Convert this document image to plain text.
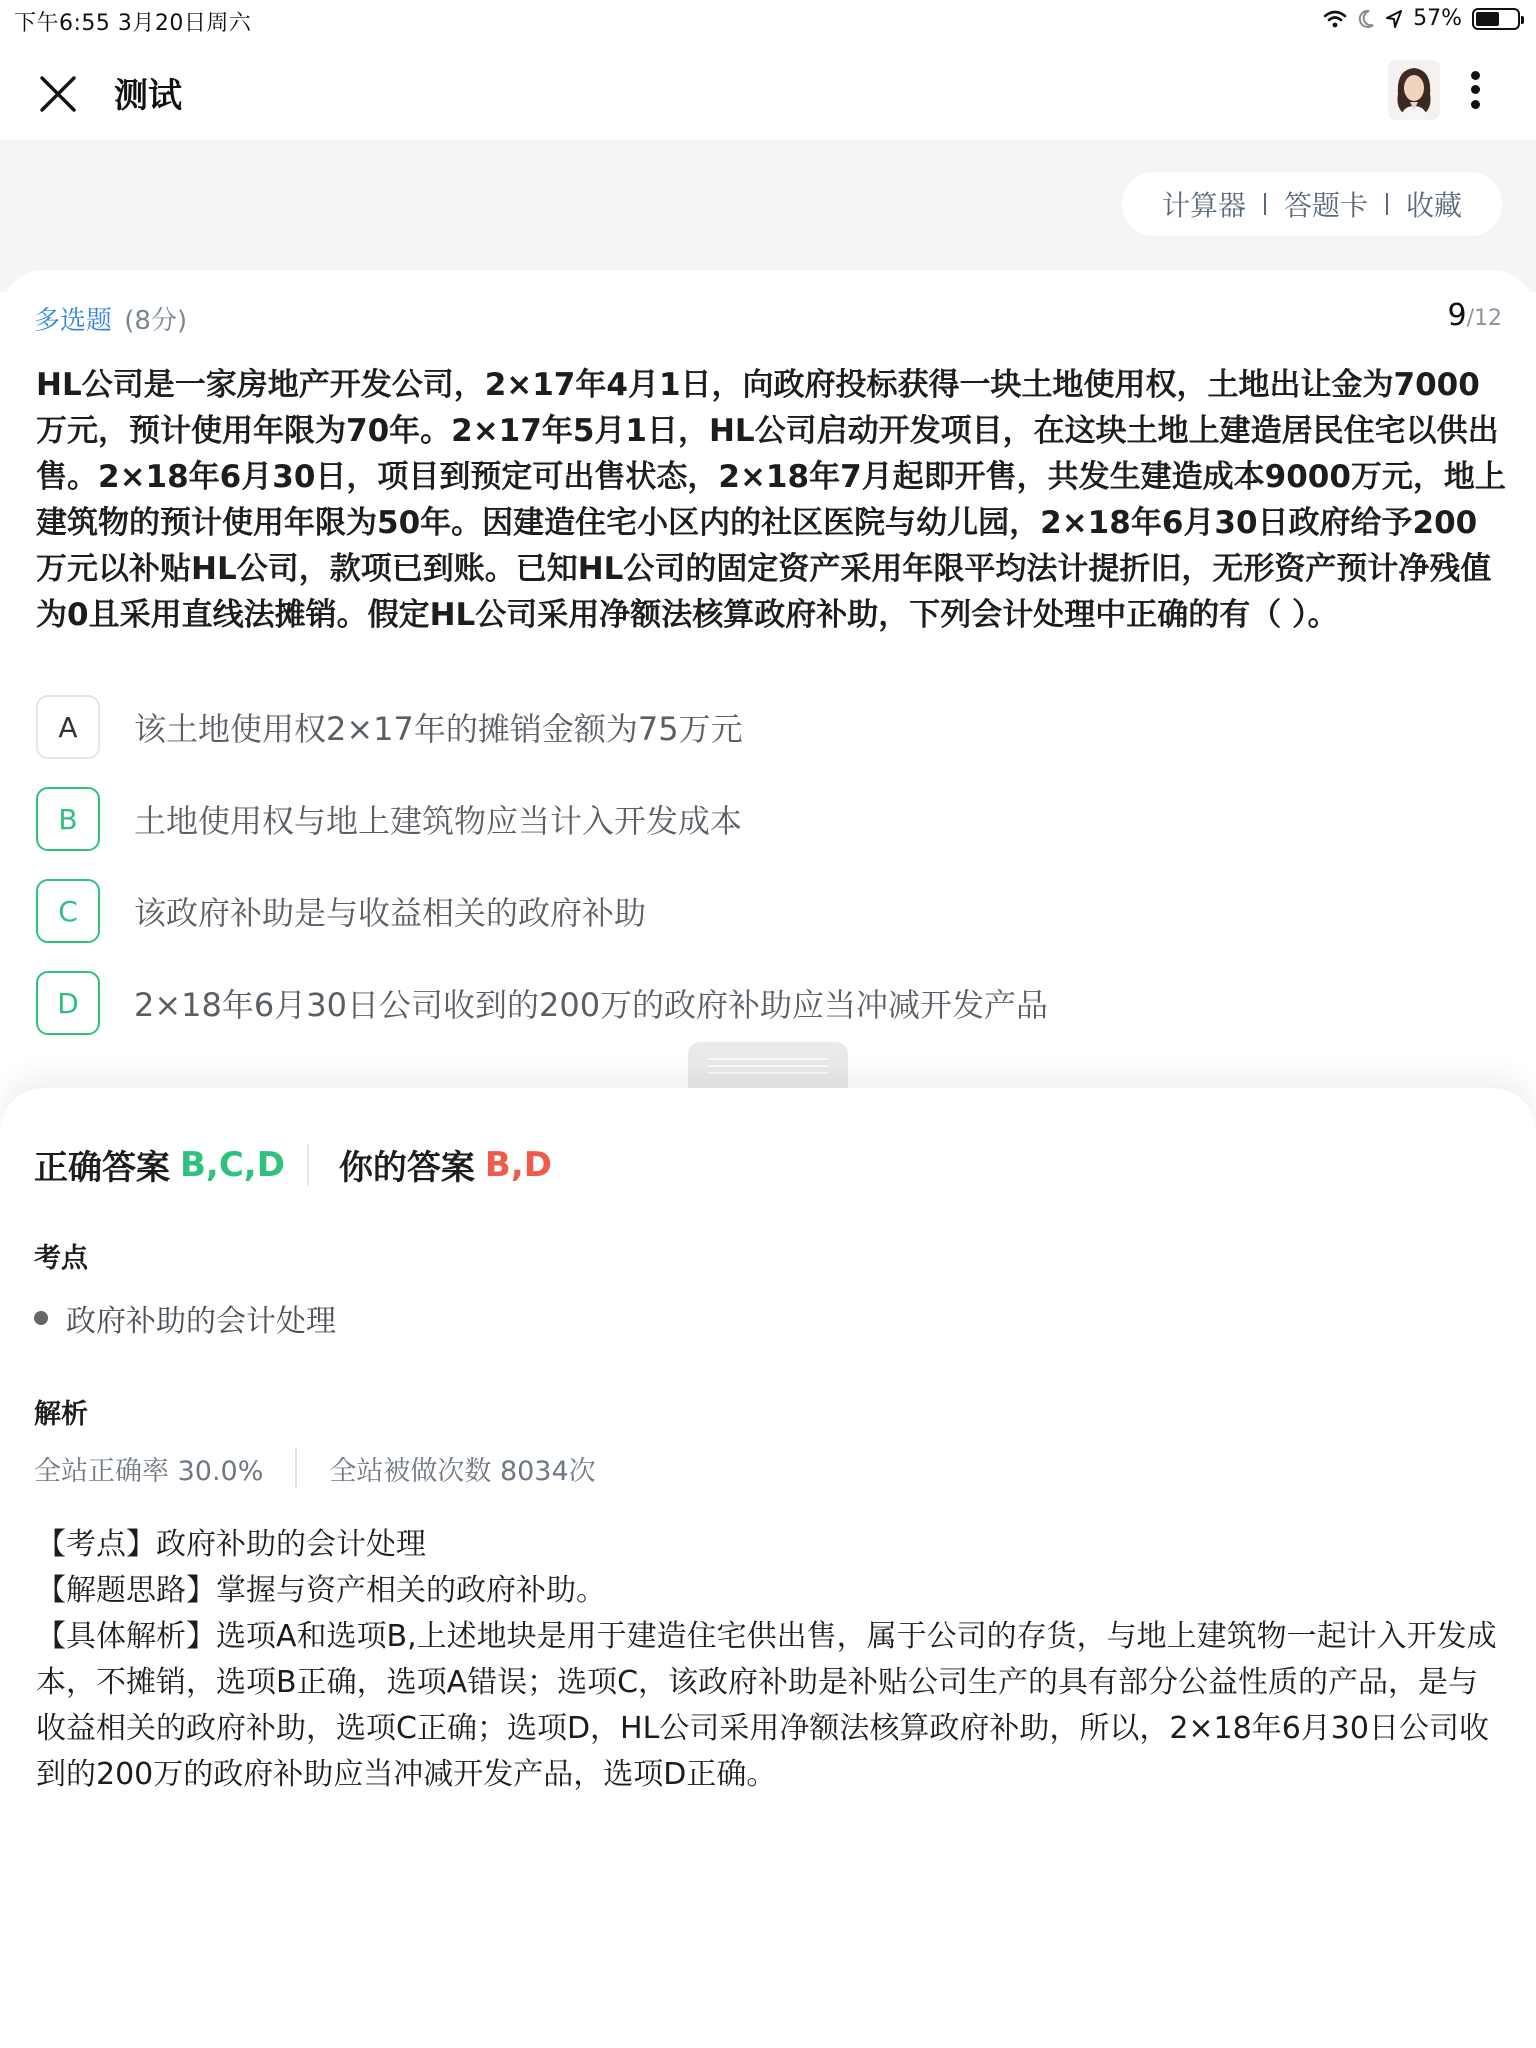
下午6:55 3月20日周六	57%
测试
计算器 答题卡 收藏
多选题 (8分)	9/12
HL公司是一家房地产开发公司，2×17年4月1日，向政府投标获得一块土地使用权，土地出让金为7000万元，预计使用年限为70年。2×17年5月1日，HL公司启动开发项目，在这块土地上建造居民住宅以供出售。2×18年6月30日，项目到预定可出售状态，2×18年7月起即开售，共发生建造成本9000万元，地上建筑物的预计使用年限为50年。因建造住宅小区内的社区医院与幼儿园，2×18年6月30日政府给予200万元以补贴HL公司，款项已到账。已知HL公司的固定资产采用年限平均法计提折旧，无形资产预计净残值为0且采用直线法摊销。假定HL公司采用净额法核算政府补助，下列会计处理中正确的有（ ）。
A	该土地使用权2×17年的摊销金额为75万元
B	土地使用权与地上建筑物应当计入开发成本
C	该政府补助是与收益相关的政府补助
D	2×18年6月30日公司收到的200万的政府补助应当冲减开发产品
正确答案 B,C,D 你的答案 B,D
考点
政府补助的会计处理
解析
全站正确率 30.0% 全站被做次数 8034次

【考点】政府补助的会计处理

【解题思路】掌握与资产相关的政府补助。

【具体解析】选项A和选项B,上述地块是用于建造住宅供出售，属于公司的存货，与地上建筑物一起计入开发成本，不摊销，选项B正确，选项A错误；选项C，该政府补助是补贴公司生产的具有部分公益性质的产品，是与收益相关的政府补助，选项C正确；选项D，HL公司采用净额法核算政府补助，所以，2×18年6月30日公司收到的200万的政府补助应当冲减开发产品，选项D正确。
